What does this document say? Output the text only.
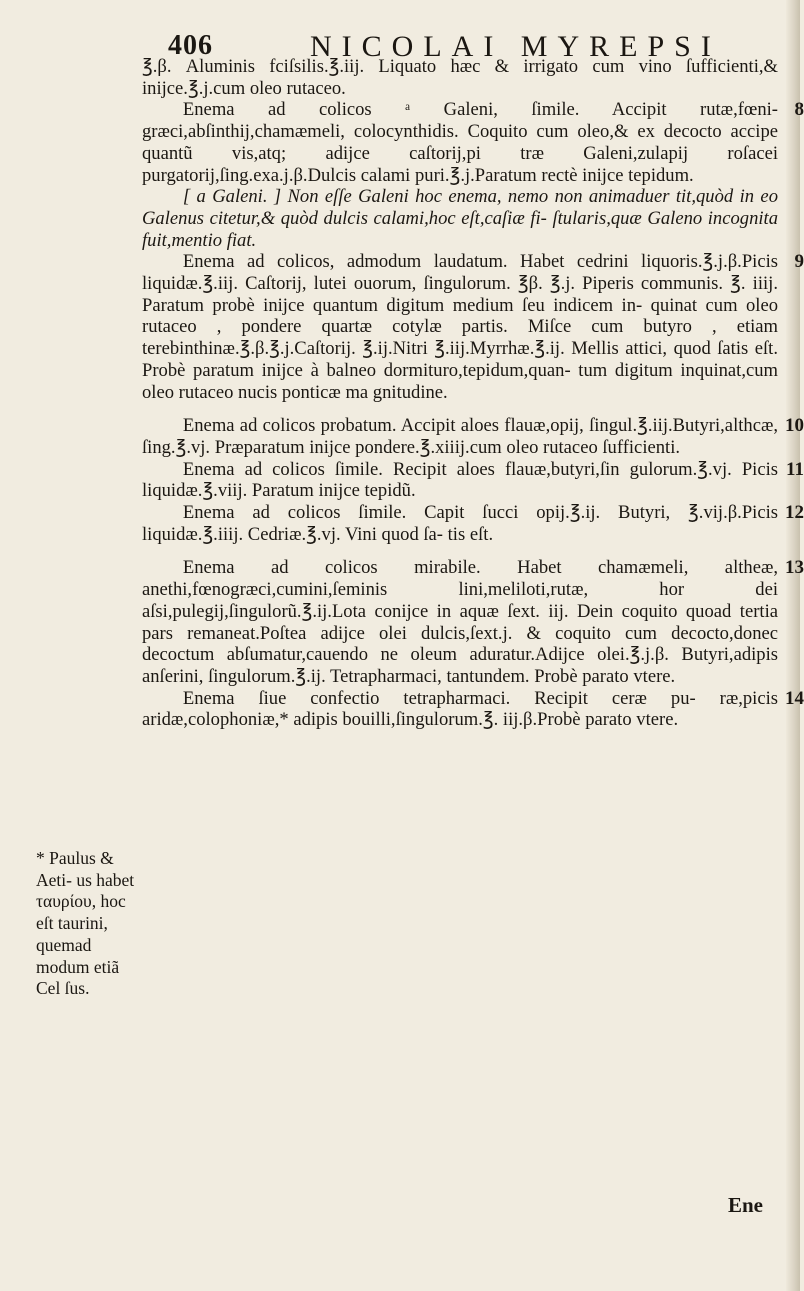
406	NICOLAI MYREPSI

℥.β. Aluminis fciſsilis.℥.iij. Liquato hæc & irrigato cum vino ſufficienti,& inijce.℥.j.cum oleo rutaceo.

Enema ad colicos ᵃ Galeni, ſimile. Accipit rutæ,fœni- græci,abſinthij,chamæmeli, colocynthidis. Coquito cum oleo,& ex decocto accipe quantũ vis,atq; adijce caſtorij,pi træ Galeni,zulapij roſacei purgatorij,ſing.exa.j.β.Dulcis calami puri.℥.j.Paratum rectè inijce tepidum.
8

[ a Galeni. ] Non eſſe Galeni hoc enema, nemo non animaduer tit,quòd in eo Galenus citetur,& quòd dulcis calami,hoc eſt,caſiæ fi- ſtularis,quæ Galeno incognita fuit,mentio fiat.

Enema ad colicos, admodum laudatum. Habet cedrini liquoris.℥.j.β.Picis liquidæ.℥.iij. Caſtorij, lutei ouorum, ſingulorum. ℥β. ℥.j. Piperis communis. ℥. iiij. Paratum probè inijce quantum digitum medium ſeu indicem in- quinat cum oleo rutaceo , pondere quartæ cotylæ partis. Miſce cum butyro , etiam terebinthinæ.℥.β.℥.j.Caſtorij. ℥.ij.Nitri ℥.iij.Myrrhæ.℥.ij. Mellis attici, quod ſatis eſt. Probè paratum inijce à balneo dormituro,tepidum,quan- tum digitum inquinat,cum oleo rutaceo nucis ponticæ ma gnitudine.
9

Enema ad colicos probatum. Accipit aloes flauæ,opij, ſingul.℥.iij.Butyri,althcæ, ſing.℥.vj. Præparatum inijce pondere.℥.xiiij.cum oleo rutaceo ſufficienti.
10

Enema ad colicos ſimile. Recipit aloes flauæ,butyri,ſin gulorum.℥.vj. Picis liquidæ.℥.viij. Paratum inijce tepidũ.
11

Enema ad colicos ſimile. Capit ſucci opij.℥.ij. Butyri, ℥.vij.β.Picis liquidæ.℥.iiij. Cedriæ.℥.vj. Vini quod ſa- tis eſt.
12

Enema ad colicos mirabile. Habet chamæmeli, altheæ, anethi,fœnogræci,cumini,ſeminis lini,meliloti,rutæ, hor dei aſsi,pulegij,ſingulorũ.℥.ij.Lota conijce in aquæ ſext. iij. Dein coquito quoad tertia pars remaneat.Poſtea adijce olei dulcis,ſext.j. & coquito cum decocto,donec decoctum abſumatur,cauendo ne oleum aduratur.Adijce olei.℥.j.β. Butyri,adipis anſerini, ſingulorum.℥.ij. Tetrapharmaci, tantundem. Probè parato vtere.
13

Enema ſiue confectio tetrapharmaci. Recipit ceræ pu- ræ,picis aridæ,colophoniæ,* adipis bouilli,ſingulorum.℥. iij.β.Probè parato vtere.
14

* Paulus & Aeti- us habet ταυρίου, hoc eſt taurini, quemad modum etiã Cel ſus.
Ene
